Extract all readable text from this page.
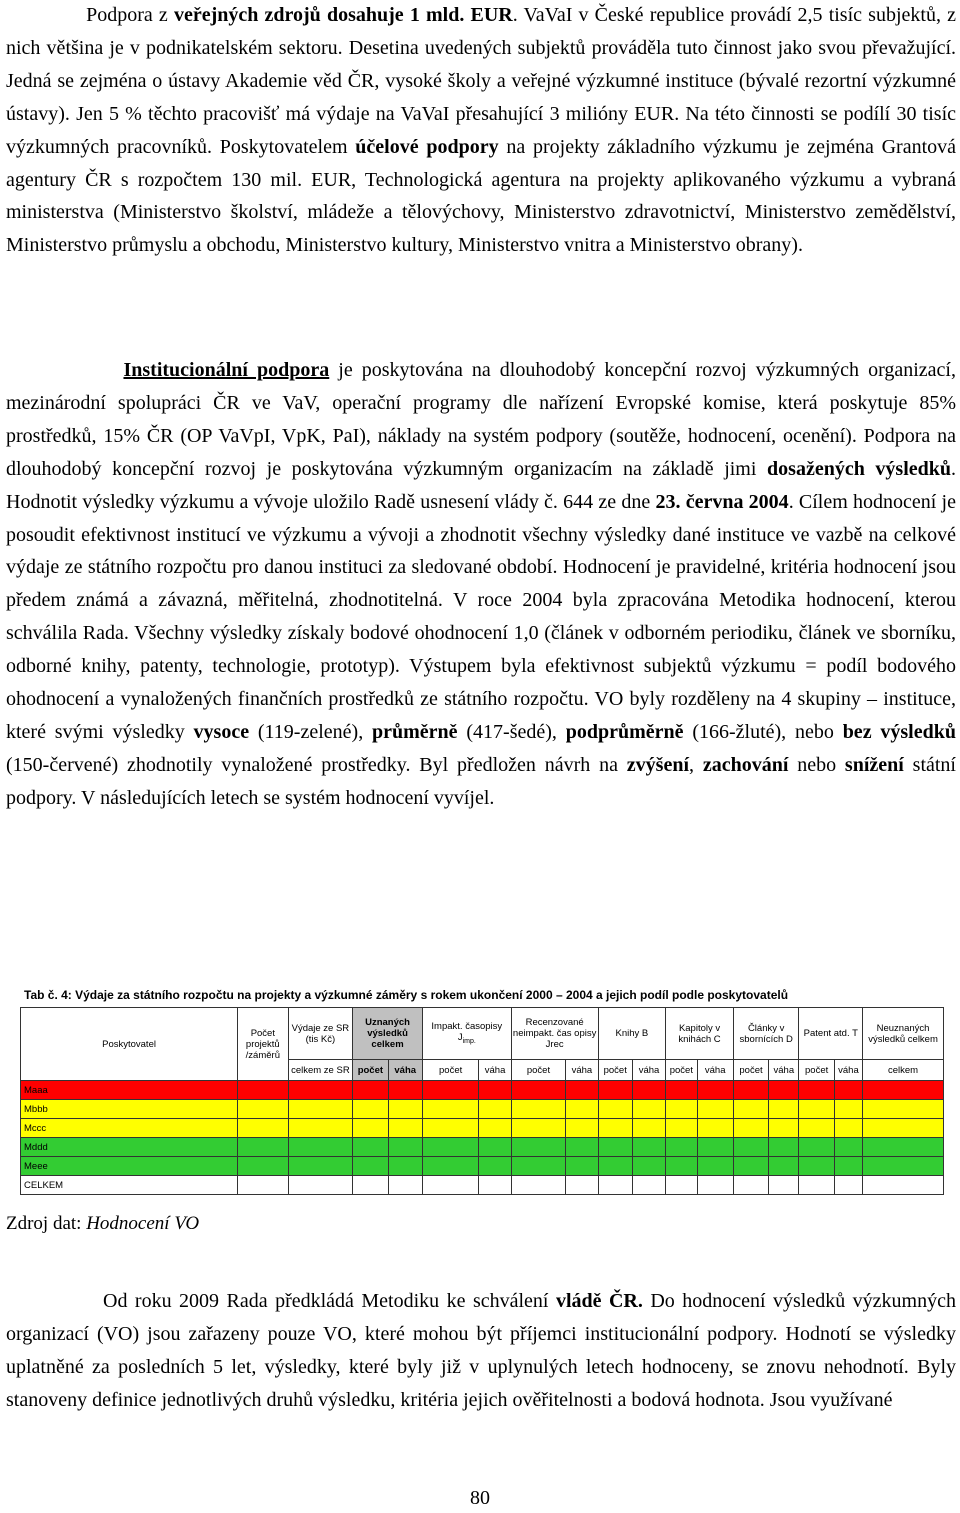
Podpora z veřejných zdrojů dosahuje 1 mld. EUR. VaVaI v České republice provádí 2,5 tisíc subjektů, z nich většina je v podnikatelském sektoru. Desetina uvedených subjektů prováděla tuto činnost jako svou převažující. Jedná se zejména o ústavy Akademie věd ČR, vysoké školy a veřejné výzkumné instituce (bývalé rezortní výzkumné ústavy). Jen 5 % těchto pracovišť má výdaje na VaVaI přesahující 3 milióny EUR. Na této činnosti se podílí 30 tisíc výzkumných pracovníků. Poskytovatelem účelové podpory na projekty základního výzkumu je zejména Grantová agentury ČR s rozpočtem 130 mil. EUR, Technologická agentura na projekty aplikovaného výzkumu a vybraná ministerstva (Ministerstvo školství, mládeže a tělovýchovy, Ministerstvo zdravotnictví, Ministerstvo zemědělství, Ministerstvo průmyslu a obchodu, Ministerstvo kultury, Ministerstvo vnitra a Ministerstvo obrany).

Institucionální podpora je poskytována na dlouhodobý koncepční rozvoj výzkumných organizací, mezinárodní spolupráci ČR ve VaV, operační programy dle nařízení Evropské komise, která poskytuje 85% prostředků, 15% ČR (OP VaVpI, VpK, PaI), náklady na systém podpory (soutěže, hodnocení, ocenění). Podpora na dlouhodobý koncepční rozvoj je poskytována výzkumným organizacím na základě jimi dosažených výsledků. Hodnotit výsledky výzkumu a vývoje uložilo Radě usnesení vlády č. 644 ze dne 23. června 2004. Cílem hodnocení je posoudit efektivnost institucí ve výzkumu a vývoji a zhodnotit všechny výsledky dané instituce ve vazbě na celkové výdaje ze státního rozpočtu pro danou instituci za sledované období. Hodnocení je pravidelné, kritéria hodnocení jsou předem známá a závazná, měřitelná, zhodnotitelná. V roce 2004 byla zpracována Metodika hodnocení, kterou schválila Rada. Všechny výsledky získaly bodové ohodnocení 1,0 (článek v odborném periodiku, článek ve sborníku, odborné knihy, patenty, technologie, prototyp). Výstupem byla efektivnost subjektů výzkumu = podíl bodového ohodnocení a vynaložených finančních prostředků ze státního rozpočtu. VO byly rozděleny na 4 skupiny – instituce, které svými výsledky vysoce (119-zelené), průměrně (417-šedé), podprůměrně (166-žluté), nebo bez výsledků (150-červené) zhodnotily vynaložené prostředky. Byl předložen návrh na zvýšení, zachování nebo snížení státní podpory. V následujících letech se systém hodnocení vyvíjel.

Tab č. 4: Výdaje za státního rozpočtu na projekty a výzkumné záměry s rokem ukončení 2000 – 2004 a jejich podíl podle poskytovatelů
Poskytovatel	Počet projektů /záměrů	Výdaje ze SR (tis Kč)	Uznaných výsledků celkem		Impakt. časopisy $J_{imp.}$		Recenzované neimpakt. čas opisy Jrec		Knihy B		Kapitoly v knihách C		Články v sbornících D		Patent atd. T		Neuznaných výsledků celkem
		celkem ze SR	počet	váha	počet	váha	počet	váha	počet	váha	počet	váha	počet	váha	počet	váha	celkem
Maaa																	
Mbbb																	
Mccc																	
Mddd																	
Meee																	
CELKEM																	
Zdroj dat: Hodnocení VO

Od roku 2009 Rada předkládá Metodiku ke schválení vládě ČR. Do hodnocení výsledků výzkumných organizací (VO) jsou zařazeny pouze VO, které mohou být příjemci institucionální podpory. Hodnotí se výsledky uplatněné za posledních 5 let, výsledky, které byly již v uplynulých letech hodnoceny, se znovu nehodnotí. Byly stanoveny definice jednotlivých druhů výsledku, kritéria jejich ověřitelnosti a bodová hodnota. Jsou využívané

80
